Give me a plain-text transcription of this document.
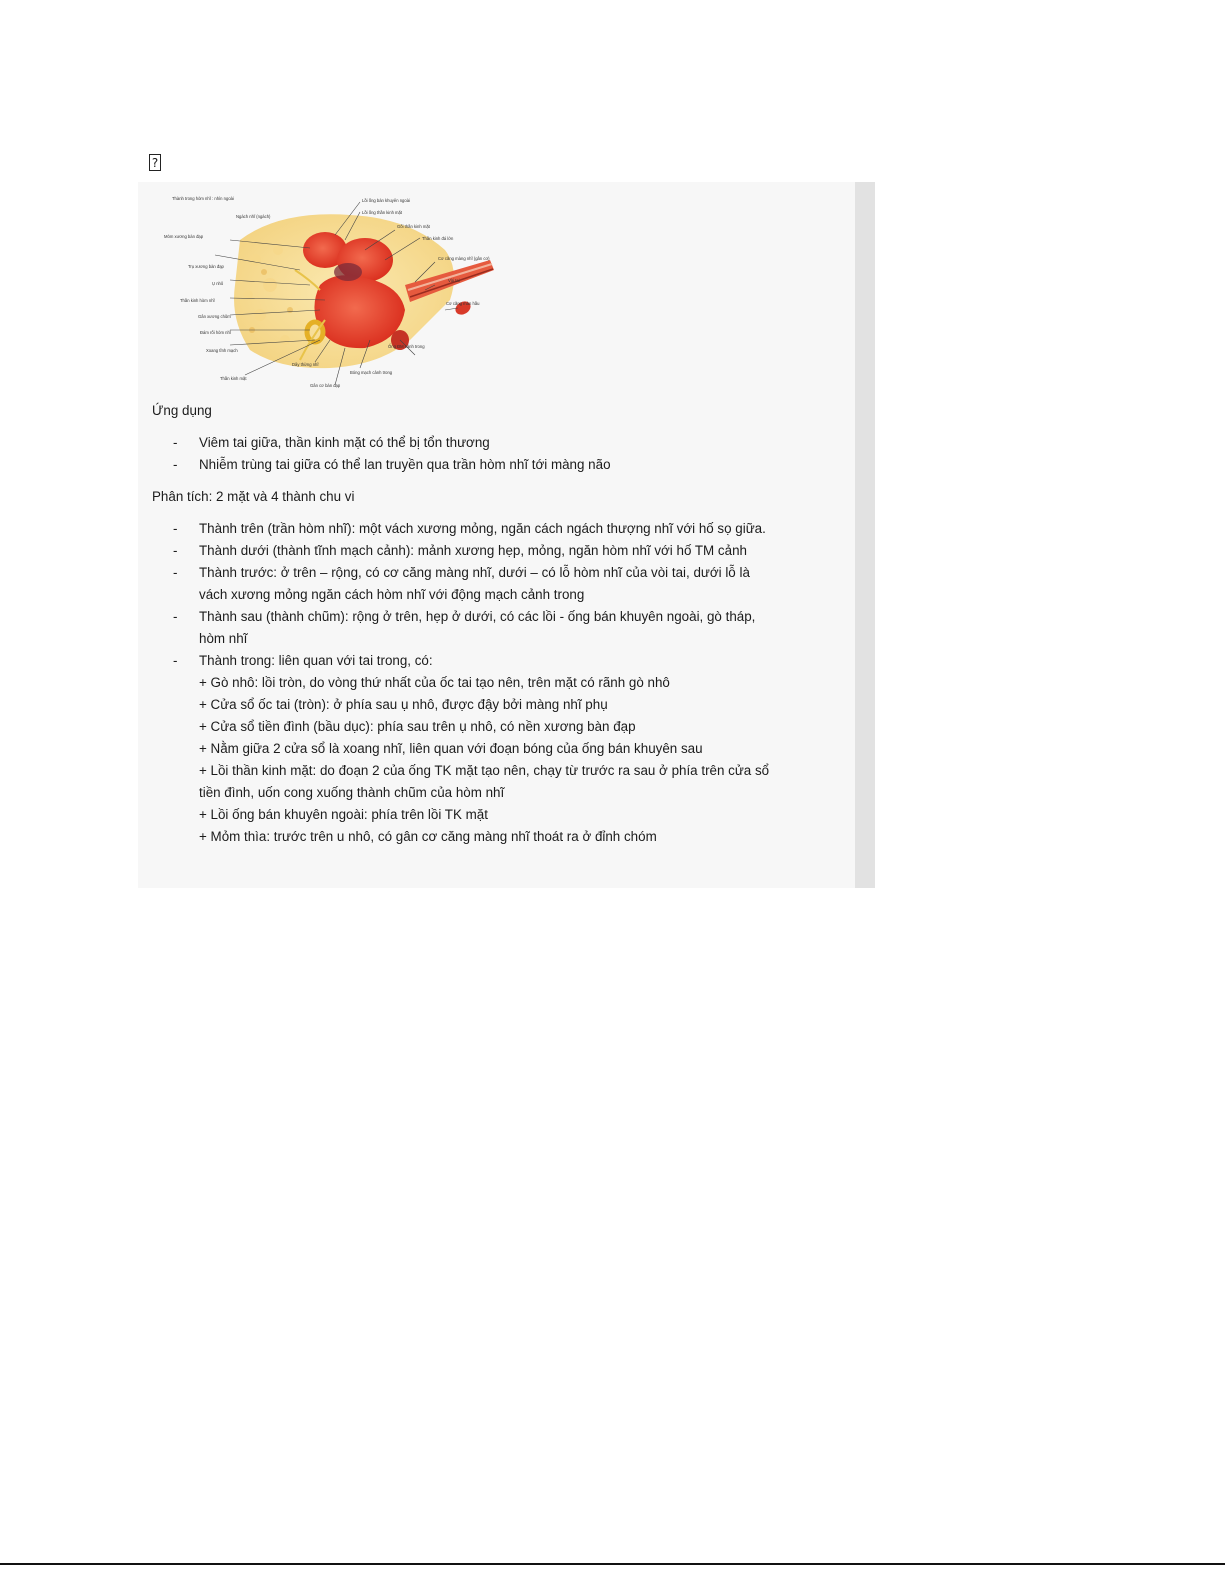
?
Thành trong hòm nhĩ : nhìn ngoài	Lồi ống bán khuyên ngoài
Lồi ống thần kinh mặt
Ngách nhĩ (ngách)
Gối thần kinh mặt
Thần kinh đá lớn
Cơ căng màng nhĩ (gân cơ)
Vòi tai
Cơ căng màn hầu
Mỏm xương bàn đạp
Trụ xương bàn đạp
Ụ nhô
Thần kinh hòm nhĩ
Gân xương chũm
Đám rối hòm nhĩ
Ống ĐM cảnh trong
Bóng mạch cảnh trong
Xoang tĩnh mạch
Thần kinh mặt
Dây thừng nhĩ
Gân cơ bàn đạp

Ứng dụng

- Viêm tai giữa, thần kinh mặt có thể bị tổn thương
- Nhiễm trùng tai giữa có thể lan truyền qua trần hòm nhĩ tới màng não

Phân tích: 2 mặt và 4 thành chu vi

- Thành trên (trần hòm nhĩ): một vách xương mỏng, ngăn cách ngách thượng nhĩ với hố sọ giữa.
- Thành dưới (thành tĩnh mạch cảnh): mảnh xương hẹp, mỏng, ngăn hòm nhĩ với hố TM cảnh
- Thành trước: ở trên – rộng, có cơ căng màng nhĩ, dưới – có lỗ hòm nhĩ của vòi tai, dưới lỗ là vách xương mỏng ngăn cách hòm nhĩ với động mạch cảnh trong
- Thành sau (thành chũm): rộng ở trên, hẹp ở dưới, có các lồi - ống bán khuyên ngoài, gò tháp, hòm nhĩ
- Thành trong: liên quan với tai trong, có:
+ Gò nhô: lồi tròn, do vòng thứ nhất của ốc tai tạo nên, trên mặt có rãnh gò nhô
+ Cửa sổ ốc tai (tròn): ở phía sau ụ nhô, được đậy bởi màng nhĩ phụ
+ Cửa sổ tiền đình (bầu dục): phía sau trên ụ nhô, có nền xương bàn đạp
+ Nằm giữa 2 cửa sổ là xoang nhĩ, liên quan với đoạn bóng của ống bán khuyên sau
+ Lồi thần kinh mặt: do đoạn 2 của ống TK mặt tạo nên, chạy từ trước ra sau ở phía trên cửa sổ tiền đình, uốn cong xuống thành chũm của hòm nhĩ
+ Lồi ống bán khuyên ngoài: phía trên lồi TK mặt
+ Mỏm thìa: trước trên u nhô, có gân cơ căng màng nhĩ thoát ra ở đỉnh chóm
